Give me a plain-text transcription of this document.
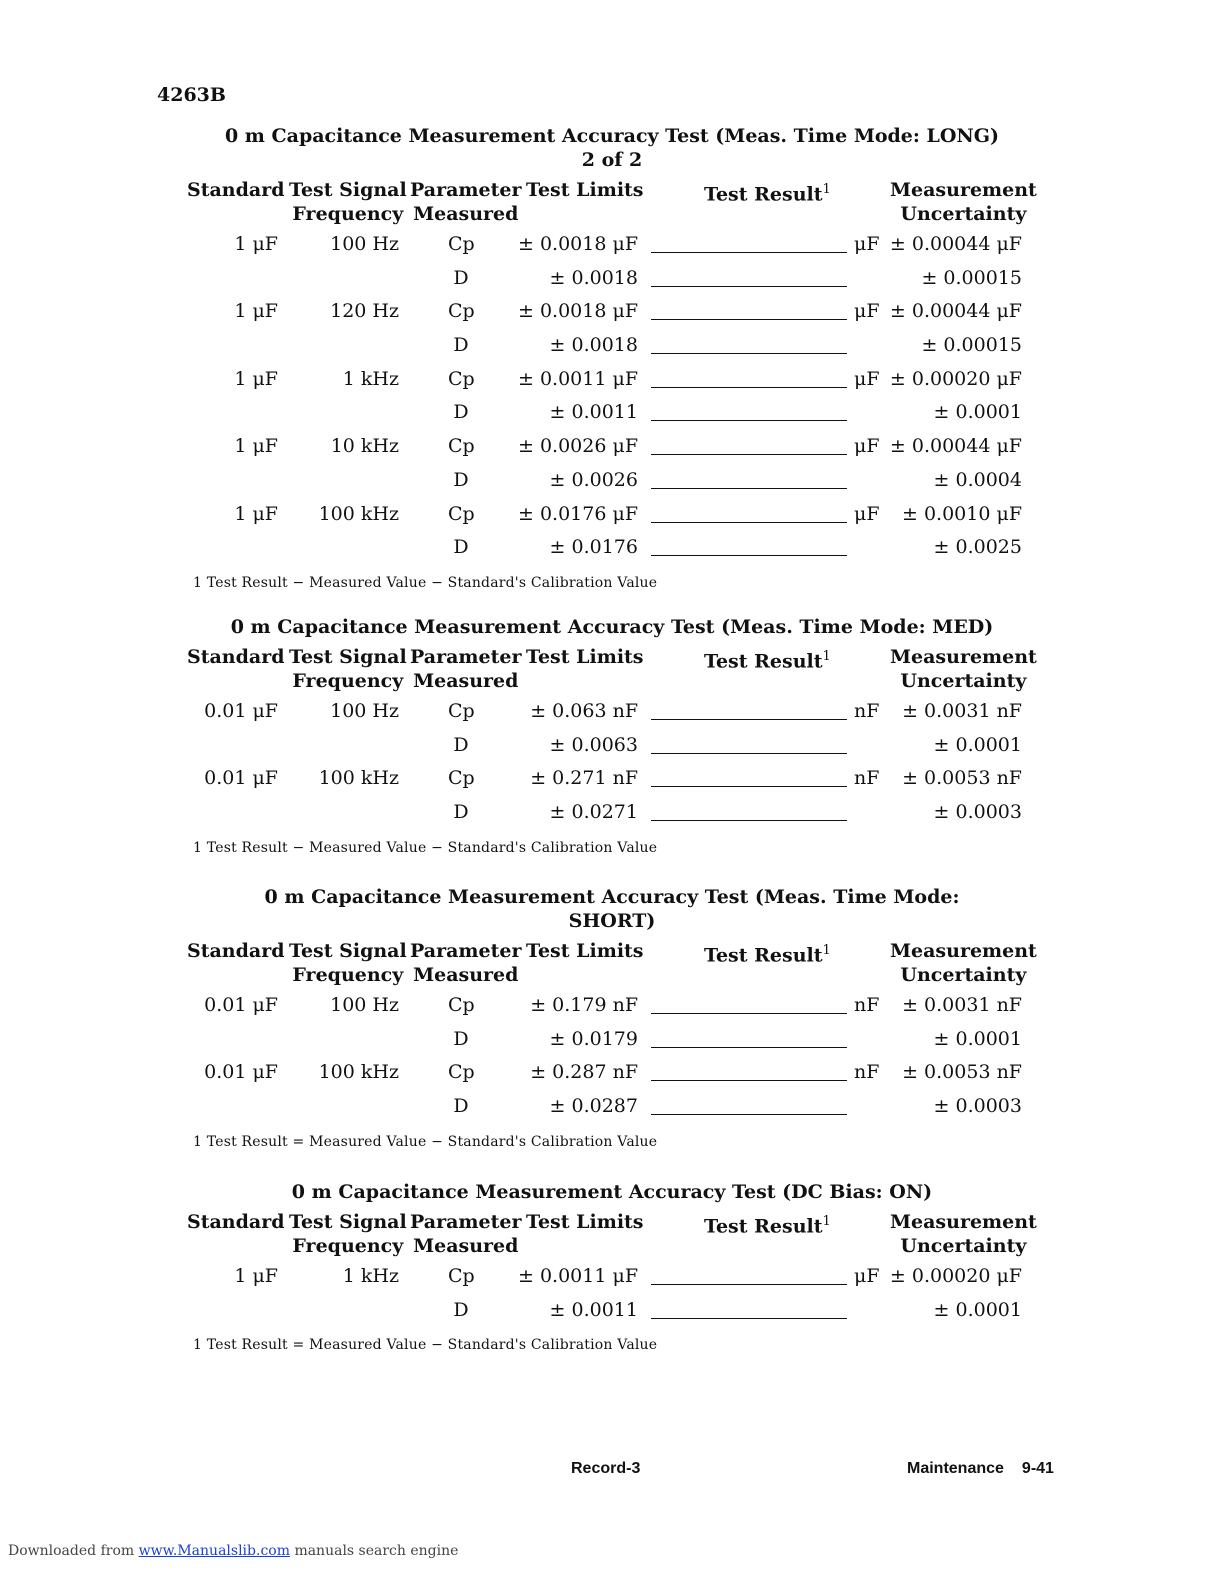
4263B
0 m Capacitance Measurement Accuracy Test (Meas. Time Mode: LONG)
2 of 2
Standard Test Signal
Frequency
Parameter
Measured
Test Limits	Measurement
Uncertainty
Test Result$^1$
1 μF	100 Hz	Cp ± 0.0018 μF	μF ± 0.00044 μF
D	± 0.0018	± 0.00015
1 μF	120 Hz	Cp ± 0.0018 μF	μF ± 0.00044 μF
D	± 0.0018	± 0.00015
1 μF	1 kHz	Cp ± 0.0011 μF	μF ± 0.00020 μF
D	± 0.0011	± 0.0001
1 μF	10 kHz	Cp ± 0.0026 μF	μF ± 0.00044 μF
D	± 0.0026	± 0.0004
1 μF 100 kHz	Cp ± 0.0176 μF	μF ± 0.0010 μF
D	± 0.0176	± 0.0025
1 Test Result − Measured Value − Standard's Calibration Value
0 m Capacitance Measurement Accuracy Test (Meas. Time Mode: MED)
Standard Test Signal
Frequency
Parameter
Measured
Test Limits	Measurement
Uncertainty
Test Result$^1$
0.01 μF	100 Hz	Cp	± 0.063 nF	nF ± 0.0031 nF
D	± 0.0063	± 0.0001
0.01 μF 100 kHz	Cp	± 0.271 nF	nF ± 0.0053 nF
D	± 0.0271	± 0.0003
1 Test Result − Measured Value − Standard's Calibration Value
0 m Capacitance Measurement Accuracy Test (Meas. Time Mode:
SHORT)
Standard Test Signal
Frequency
Parameter
Measured
Test Limits	Measurement
Uncertainty
Test Result$^1$
0.01 μF	100 Hz	Cp	± 0.179 nF	nF ± 0.0031 nF
D	± 0.0179	± 0.0001
0.01 μF 100 kHz	Cp	± 0.287 nF	nF ± 0.0053 nF
D	± 0.0287	± 0.0003
1 Test Result = Measured Value − Standard's Calibration Value
0 m Capacitance Measurement Accuracy Test (DC Bias: ON)
Standard Test Signal
Frequency
Parameter
Measured
Test Limits	Measurement
Uncertainty
Test Result$^1$
1 μF	1 kHz	Cp ± 0.0011 μF	μF ± 0.00020 μF
D	± 0.0011	± 0.0001
1 Test Result = Measured Value − Standard's Calibration Value
Record-3	Maintenance 9-41
Downloaded from www.Manualslib.com manuals search engine
